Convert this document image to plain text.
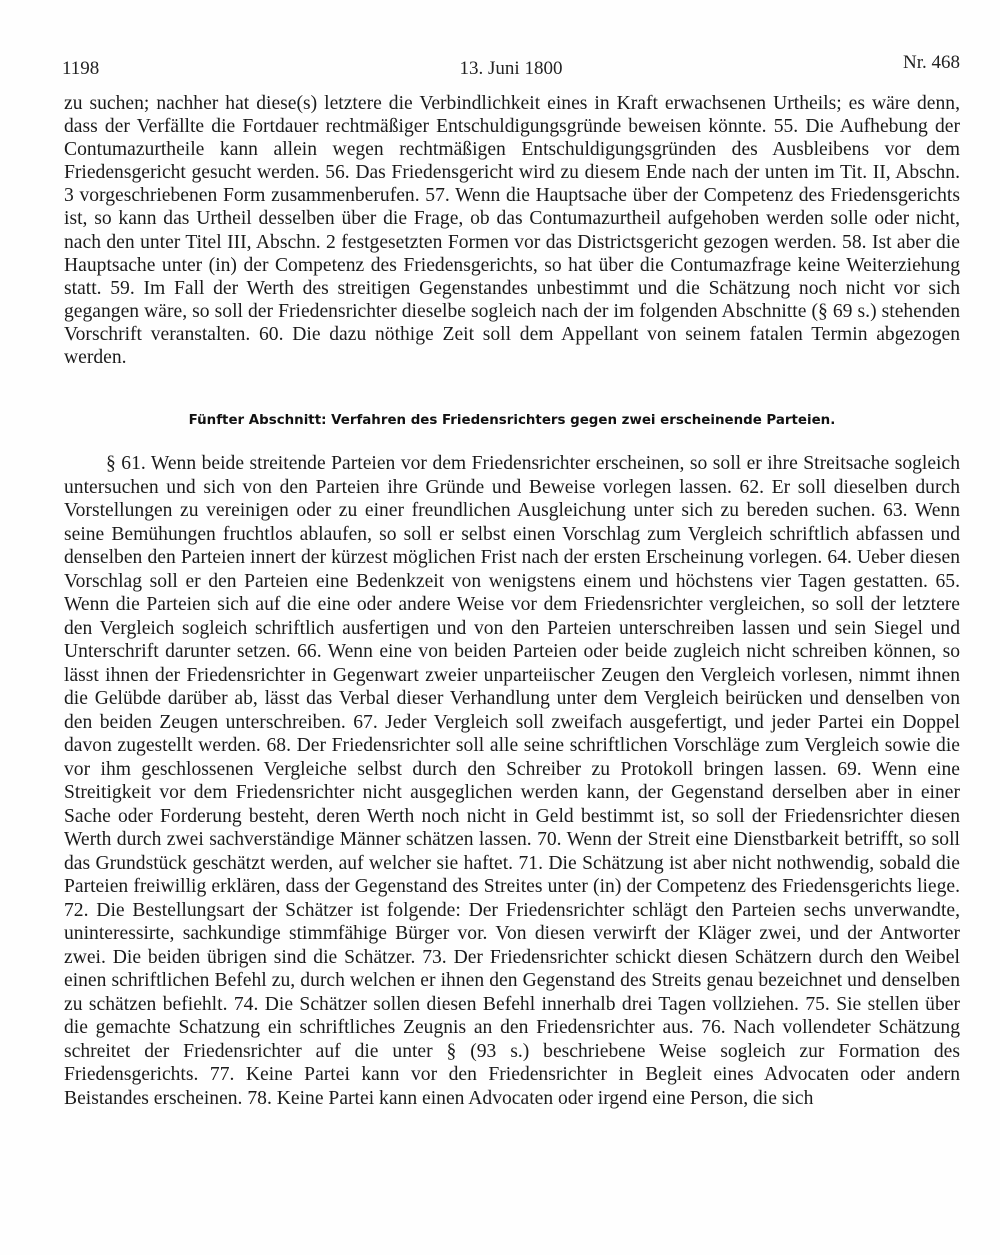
1198	13. Juni 1800	Nr. 468

zu suchen; nachher hat diese(s) letztere die Verbindlichkeit eines in Kraft erwachsenen Urtheils; es wäre denn, dass der Verfällte die Fortdauer rechtmäßiger Entschuldigungsgründe beweisen könnte. 55. Die Aufhebung der Contumazurtheile kann allein wegen rechtmäßigen Entschuldigungsgründen des Ausbleibens vor dem Friedensgericht gesucht werden. 56. Das Friedensgericht wird zu diesem Ende nach der unten im Tit. II, Abschn. 3 vorgeschriebenen Form zusammenberufen. 57. Wenn die Hauptsache über der Competenz des Friedensgerichts ist, so kann das Urtheil desselben über die Frage, ob das Contumazurtheil aufgehoben werden solle oder nicht, nach den unter Titel III, Abschn. 2 festgesetzten Formen vor das Districtsgericht gezogen werden. 58. Ist aber die Hauptsache unter (in) der Competenz des Friedensgerichts, so hat über die Contumazfrage keine Weiterziehung statt. 59. Im Fall der Werth des streitigen Gegenstandes unbestimmt und die Schätzung noch nicht vor sich gegangen wäre, so soll der Friedensrichter dieselbe sogleich nach der im folgenden Abschnitte (§ 69 s.) stehenden Vorschrift veranstalten. 60. Die dazu nöthige Zeit soll dem Appellant von seinem fatalen Termin abgezogen werden.

Fünfter Abschnitt: Verfahren des Friedensrichters gegen zwei erscheinende Parteien.

§ 61. Wenn beide streitende Parteien vor dem Friedensrichter erscheinen, so soll er ihre Streitsache sogleich untersuchen und sich von den Parteien ihre Gründe und Beweise vorlegen lassen. 62. Er soll dieselben durch Vorstellungen zu vereinigen oder zu einer freundlichen Ausgleichung unter sich zu bereden suchen. 63. Wenn seine Bemühungen fruchtlos ablaufen, so soll er selbst einen Vorschlag zum Vergleich schriftlich abfassen und denselben den Parteien innert der kürzest möglichen Frist nach der ersten Erscheinung vorlegen. 64. Ueber diesen Vorschlag soll er den Parteien eine Bedenkzeit von wenigstens einem und höchstens vier Tagen gestatten. 65. Wenn die Parteien sich auf die eine oder andere Weise vor dem Friedensrichter vergleichen, so soll der letztere den Vergleich sogleich schriftlich ausfertigen und von den Parteien unterschreiben lassen und sein Siegel und Unterschrift darunter setzen. 66. Wenn eine von beiden Parteien oder beide zugleich nicht schreiben können, so lässt ihnen der Friedensrichter in Gegenwart zweier unparteiischer Zeugen den Vergleich vorlesen, nimmt ihnen die Gelübde darüber ab, lässt das Verbal dieser Verhandlung unter dem Vergleich beirücken und denselben von den beiden Zeugen unterschreiben. 67. Jeder Vergleich soll zweifach ausgefertigt, und jeder Partei ein Doppel davon zugestellt werden. 68. Der Friedensrichter soll alle seine schriftlichen Vorschläge zum Vergleich sowie die vor ihm geschlossenen Vergleiche selbst durch den Schreiber zu Protokoll bringen lassen. 69. Wenn eine Streitigkeit vor dem Friedensrichter nicht ausgeglichen werden kann, der Gegenstand derselben aber in einer Sache oder Forderung besteht, deren Werth noch nicht in Geld bestimmt ist, so soll der Friedensrichter diesen Werth durch zwei sachverständige Männer schätzen lassen. 70. Wenn der Streit eine Dienstbarkeit betrifft, so soll das Grundstück geschätzt werden, auf welcher sie haftet. 71. Die Schätzung ist aber nicht nothwendig, sobald die Parteien freiwillig erklären, dass der Gegenstand des Streites unter (in) der Competenz des Friedensgerichts liege. 72. Die Bestellungsart der Schätzer ist folgende: Der Friedensrichter schlägt den Parteien sechs unverwandte, uninteressirte, sachkundige stimmfähige Bürger vor. Von diesen verwirft der Kläger zwei, und der Antworter zwei. Die beiden übrigen sind die Schätzer. 73. Der Friedensrichter schickt diesen Schätzern durch den Weibel einen schriftlichen Befehl zu, durch welchen er ihnen den Gegenstand des Streits genau bezeichnet und denselben zu schätzen befiehlt. 74. Die Schätzer sollen diesen Befehl innerhalb drei Tagen vollziehen. 75. Sie stellen über die gemachte Schatzung ein schriftliches Zeugnis an den Friedensrichter aus. 76. Nach vollendeter Schätzung schreitet der Friedensrichter auf die unter § (93 s.) beschriebene Weise sogleich zur Formation des Friedensgerichts. 77. Keine Partei kann vor den Friedensrichter in Begleit eines Advocaten oder andern Beistandes erscheinen. 78. Keine Partei kann einen Advocaten oder irgend eine Person, die sich
